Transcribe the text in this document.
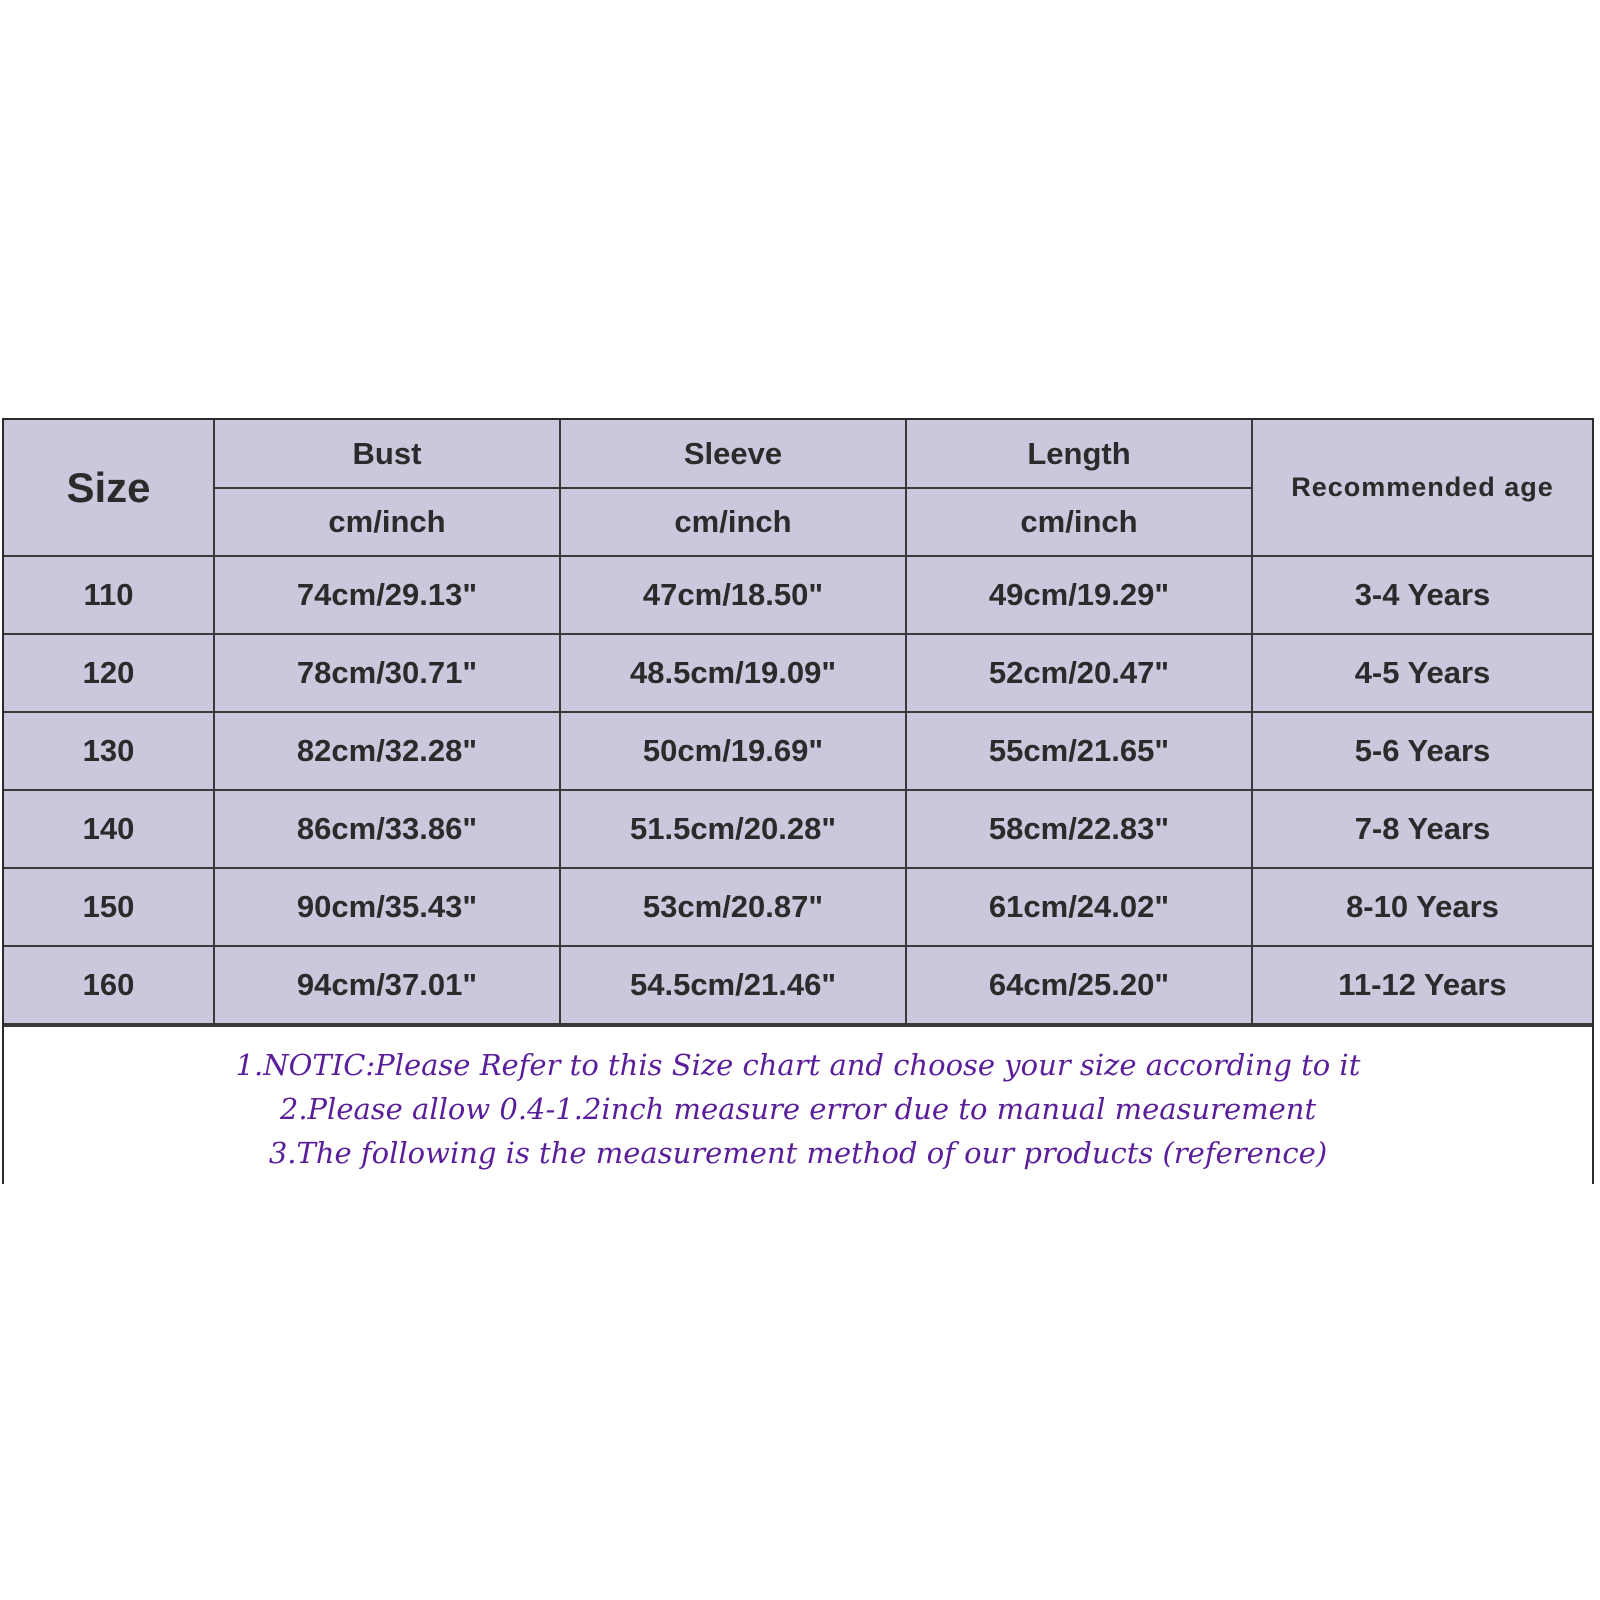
Size	Bust	Sleeve	Length	Recommended age
	cm/inch	cm/inch	cm/inch	
110	74cm/29.13"	47cm/18.50"	49cm/19.29"	3-4 Years
120	78cm/30.71"	48.5cm/19.09"	52cm/20.47"	4-5 Years
130	82cm/32.28"	50cm/19.69"	55cm/21.65"	5-6 Years
140	86cm/33.86"	51.5cm/20.28"	58cm/22.83"	7-8 Years
150	90cm/35.43"	53cm/20.87"	61cm/24.02"	8-10 Years
160	94cm/37.01"	54.5cm/21.46"	64cm/25.20"	11-12 Years
1.NOTIC:Please Refer to this Size chart and choose your size according to it
2.Please allow 0.4-1.2inch measure error due to manual measurement
3.The following is the measurement method of our products (reference)
